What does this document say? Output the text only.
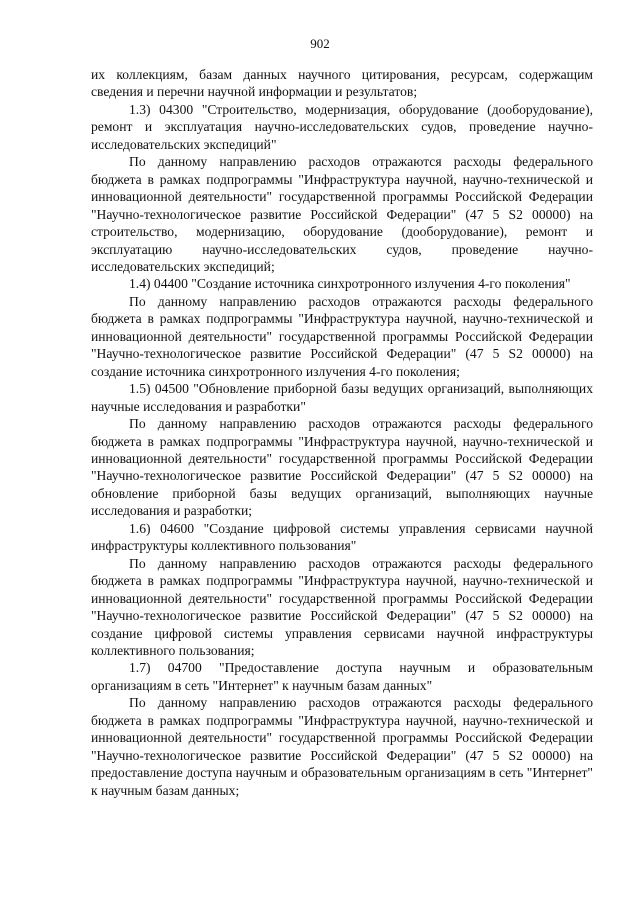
902

их коллекциям, базам данных научного цитирования, ресурсам, содержащим сведения и перечни научной информации и результатов;

1.3) 04300 "Строительство, модернизация, оборудование (дооборудование), ремонт и эксплуатация научно-исследовательских судов, проведение научно-исследовательских экспедиций"

По данному направлению расходов отражаются расходы федерального бюджета в рамках подпрограммы "Инфраструктура научной, научно-технической и инновационной деятельности" государственной программы Российской Федерации "Научно-технологическое развитие Российской Федерации" (47 5 S2 00000) на строительство, модернизацию, оборудование (дооборудование), ремонт и эксплуатацию научно-исследовательских судов, проведение научно-исследовательских экспедиций;

1.4) 04400 "Создание источника синхротронного излучения 4-го поколения"

По данному направлению расходов отражаются расходы федерального бюджета в рамках подпрограммы "Инфраструктура научной, научно-технической и инновационной деятельности" государственной программы Российской Федерации "Научно-технологическое развитие Российской Федерации" (47 5 S2 00000) на создание источника синхротронного излучения 4-го поколения;

1.5) 04500 "Обновление приборной базы ведущих организаций, выполняющих научные исследования и разработки"

По данному направлению расходов отражаются расходы федерального бюджета в рамках подпрограммы "Инфраструктура научной, научно-технической и инновационной деятельности" государственной программы Российской Федерации "Научно-технологическое развитие Российской Федерации" (47 5 S2 00000) на обновление приборной базы ведущих организаций, выполняющих научные исследования и разработки;

1.6) 04600 "Создание цифровой системы управления сервисами научной инфраструктуры коллективного пользования"

По данному направлению расходов отражаются расходы федерального бюджета в рамках подпрограммы "Инфраструктура научной, научно-технической и инновационной деятельности" государственной программы Российской Федерации "Научно-технологическое развитие Российской Федерации" (47 5 S2 00000) на создание цифровой системы управления сервисами научной инфраструктуры коллективного пользования;

1.7) 04700 "Предоставление доступа научным и образовательным организациям в сеть "Интернет" к научным базам данных"

По данному направлению расходов отражаются расходы федерального бюджета в рамках подпрограммы "Инфраструктура научной, научно-технической и инновационной деятельности" государственной программы Российской Федерации "Научно-технологическое развитие Российской Федерации" (47 5 S2 00000) на предоставление доступа научным и образовательным организациям в сеть "Интернет" к научным базам данных;
